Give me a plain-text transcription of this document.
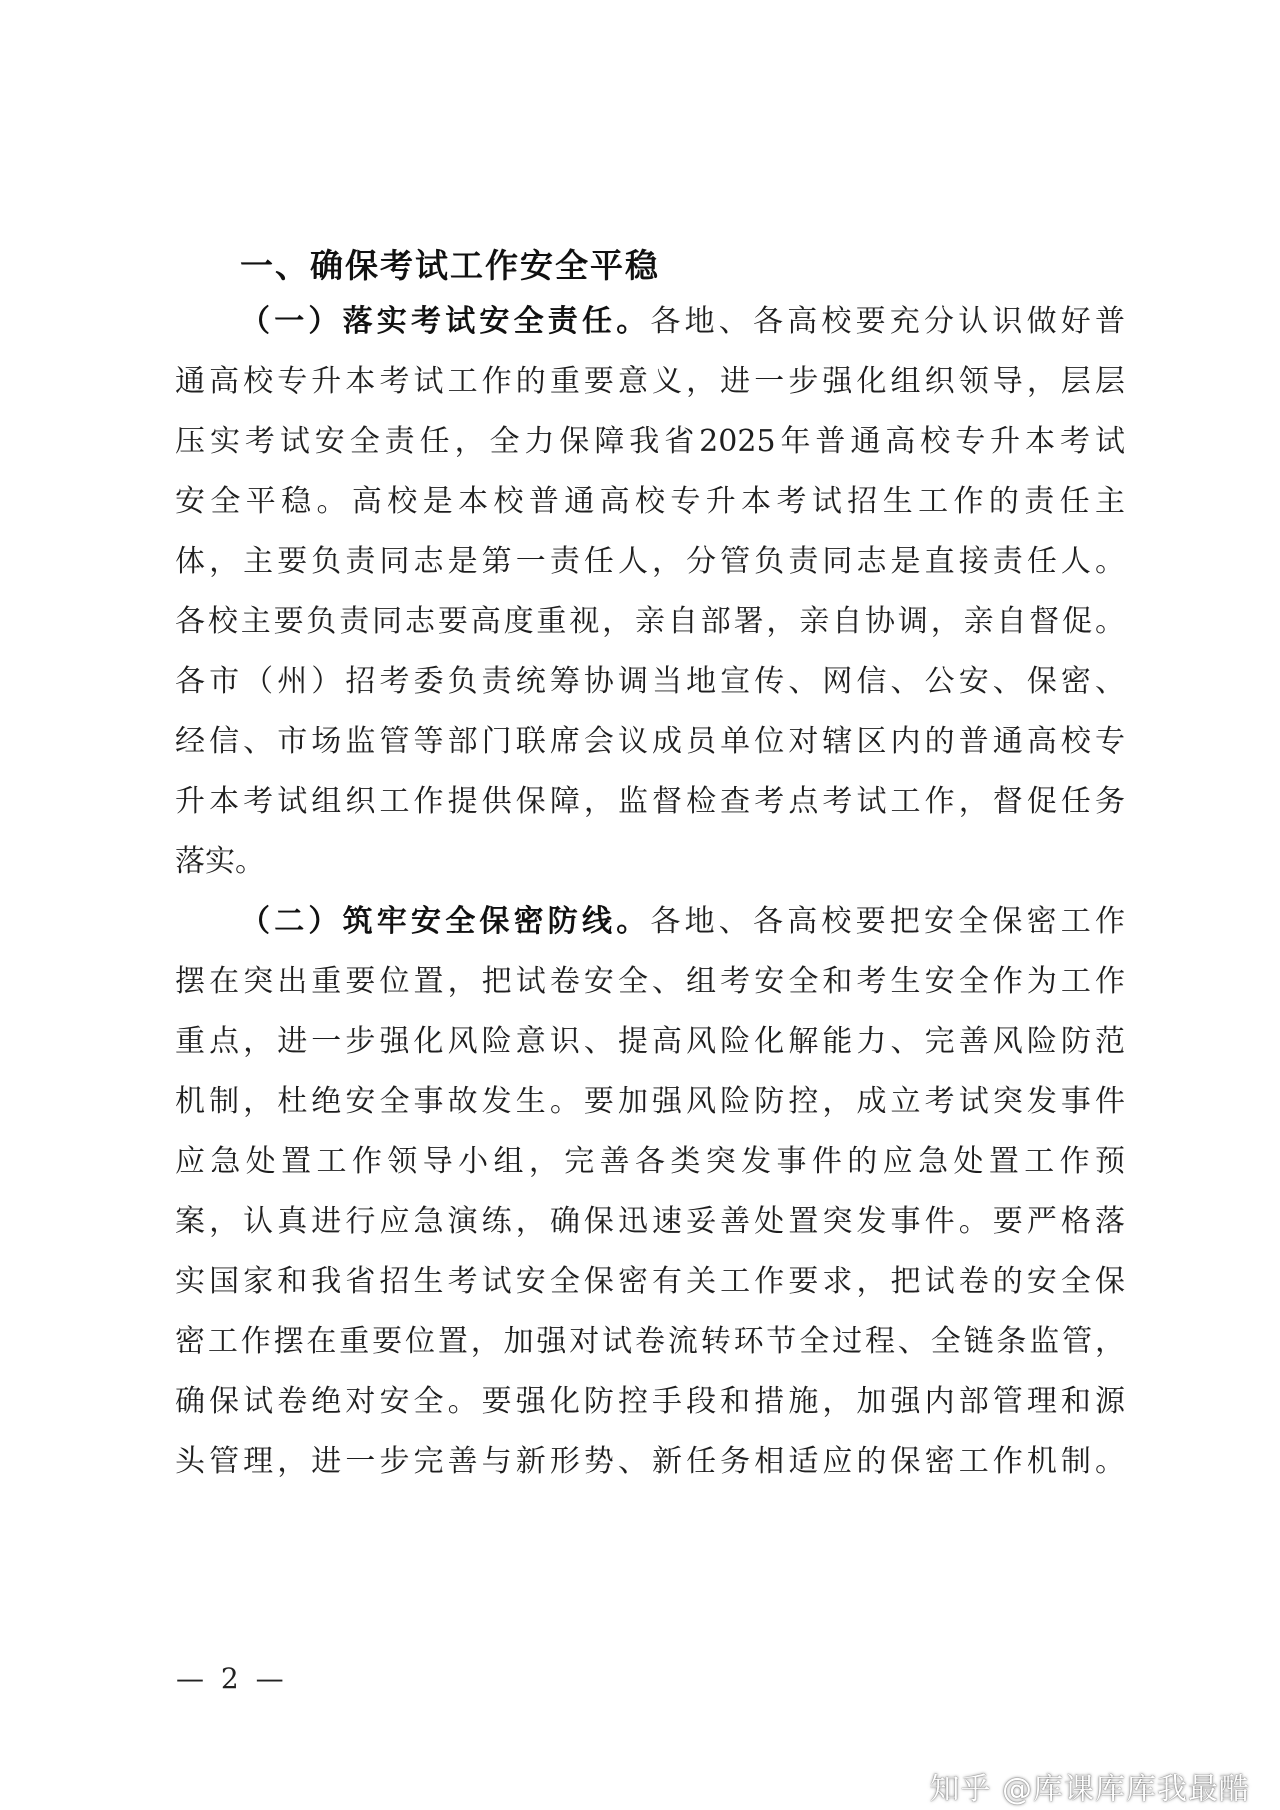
一、确保考试工作安全平稳
（一）落实考试安全责任。各地、各高校要充分认识做好普
通高校专升本考试工作的重要意义，进一步强化组织领导，层层
压实考试安全责任，全力保障我省2025年普通高校专升本考试
安全平稳。高校是本校普通高校专升本考试招生工作的责任主
体，主要负责同志是第一责任人，分管负责同志是直接责任人。
各校主要负责同志要高度重视，亲自部署，亲自协调，亲自督促。
各市（州）招考委负责统筹协调当地宣传、网信、公安、保密、
经信、市场监管等部门联席会议成员单位对辖区内的普通高校专
升本考试组织工作提供保障，监督检查考点考试工作，督促任务
落实。
（二）筑牢安全保密防线。各地、各高校要把安全保密工作
摆在突出重要位置，把试卷安全、组考安全和考生安全作为工作
重点，进一步强化风险意识、提高风险化解能力、完善风险防范
机制，杜绝安全事故发生。要加强风险防控，成立考试突发事件
应急处置工作领导小组，完善各类突发事件的应急处置工作预
案，认真进行应急演练，确保迅速妥善处置突发事件。要严格落
实国家和我省招生考试安全保密有关工作要求，把试卷的安全保
密工作摆在重要位置，加强对试卷流转环节全过程、全链条监管，
确保试卷绝对安全。要强化防控手段和措施，加强内部管理和源
头管理，进一步完善与新形势、新任务相适应的保密工作机制。
— 2 —
知乎 @库课库库我最酷
